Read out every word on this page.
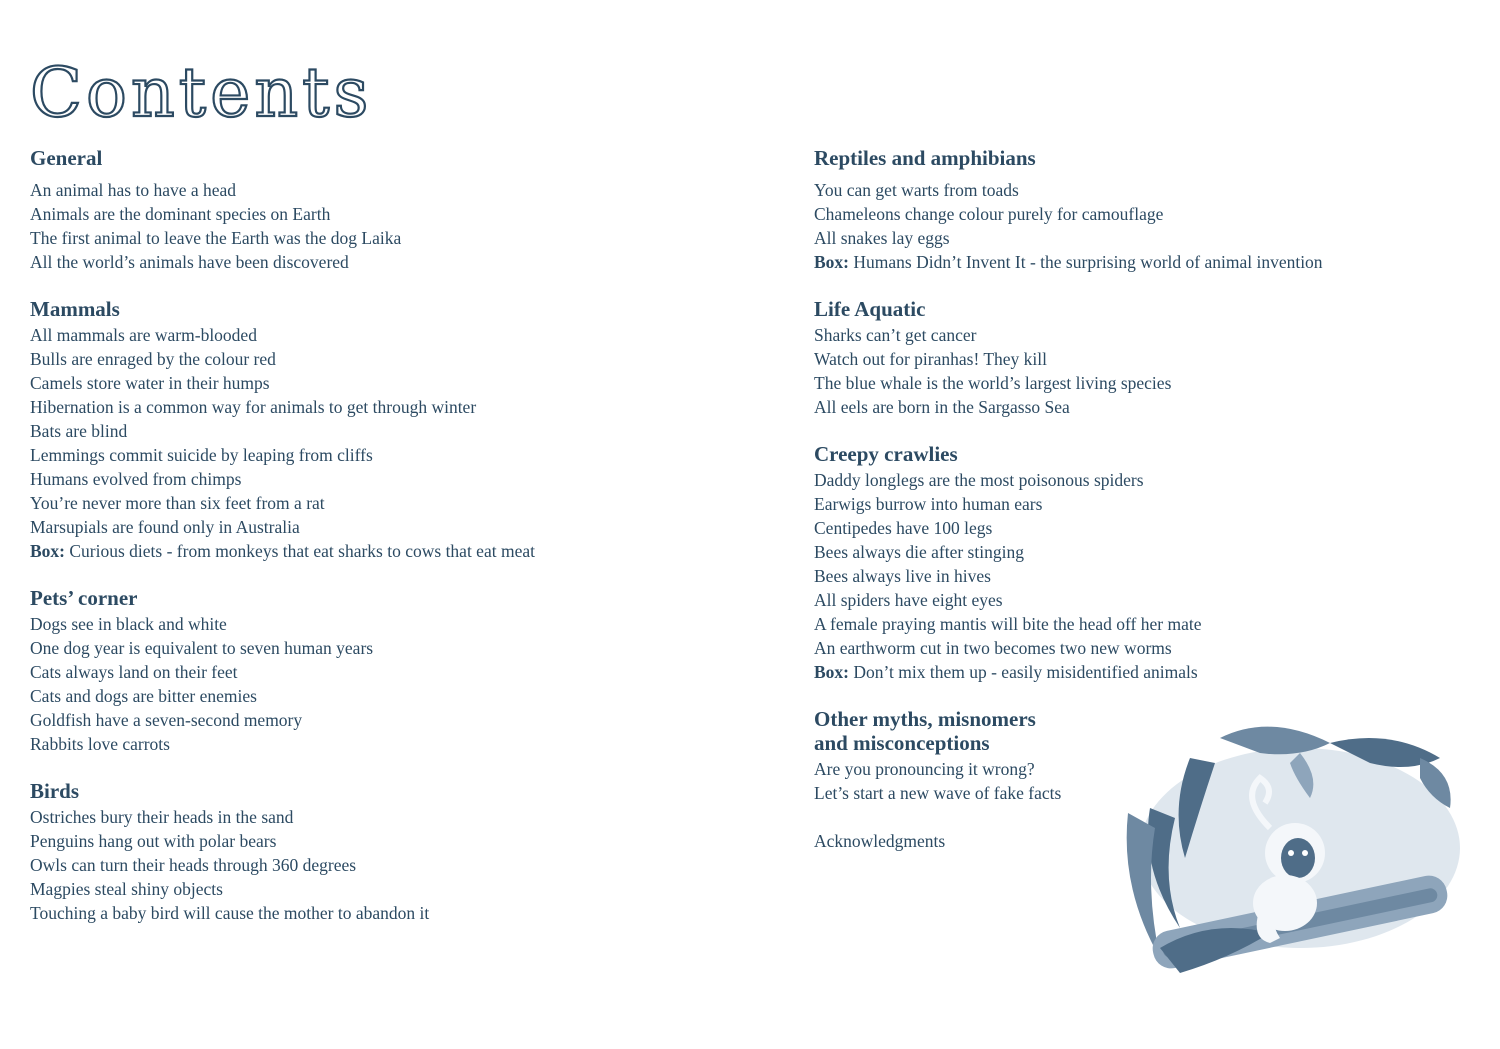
Contents
General
An animal has to have a head
Animals are the dominant species on Earth
The first animal to leave the Earth was the dog Laika
All the world’s animals have been discovered
Mammals
All mammals are warm-blooded
Bulls are enraged by the colour red
Camels store water in their humps
Hibernation is a common way for animals to get through winter
Bats are blind
Lemmings commit suicide by leaping from cliffs
Humans evolved from chimps
You’re never more than six feet from a rat
Marsupials are found only in Australia
Box: Curious diets - from monkeys that eat sharks to cows that eat meat
Pets’ corner
Dogs see in black and white
One dog year is equivalent to seven human years
Cats always land on their feet
Cats and dogs are bitter enemies
Goldfish have a seven-second memory
Rabbits love carrots
Birds
Ostriches bury their heads in the sand
Penguins hang out with polar bears
Owls can turn their heads through 360 degrees
Magpies steal shiny objects
Touching a baby bird will cause the mother to abandon it
Reptiles and amphibians
You can get warts from toads
Chameleons change colour purely for camouflage
All snakes lay eggs
Box: Humans Didn’t Invent It - the surprising world of animal invention
Life Aquatic
Sharks can’t get cancer
Watch out for piranhas! They kill
The blue whale is the world’s largest living species
All eels are born in the Sargasso Sea
Creepy crawlies
Daddy longlegs are the most poisonous spiders
Earwigs burrow into human ears
Centipedes have 100 legs
Bees always die after stinging
Bees always live in hives
All spiders have eight eyes
A female praying mantis will bite the head off her mate
An earthworm cut in two becomes two new worms
Box: Don’t mix them up - easily misidentified animals
Other myths, misnomers
and misconceptions
Are you pronouncing it wrong?
Let’s start a new wave of fake facts
Acknowledgments
